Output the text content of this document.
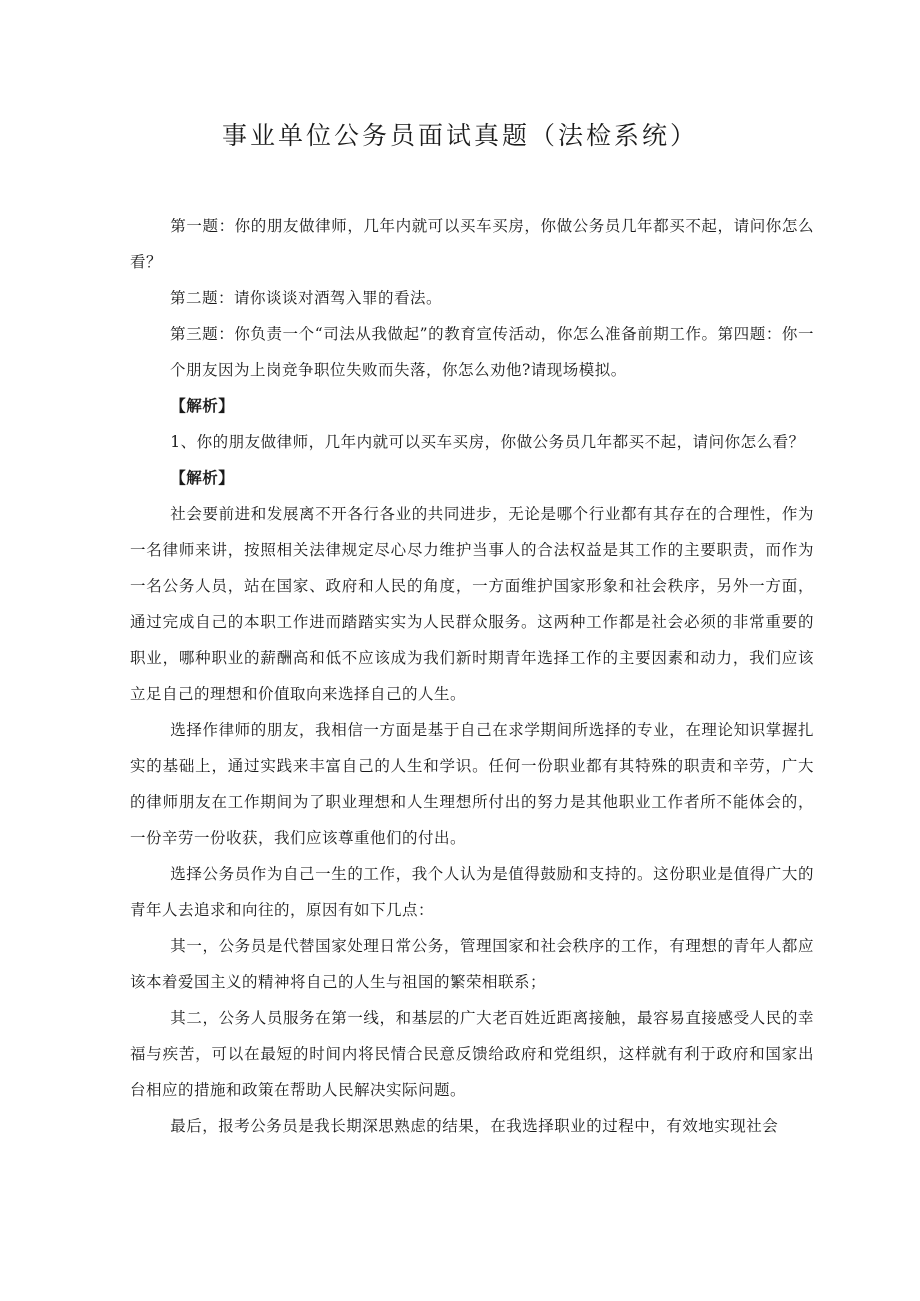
事业单位公务员面试真题（法检系统）

第一题：你的朋友做律师，几年内就可以买车买房，你做公务员几年都买不起，请问你怎么看？

第二题：请你谈谈对酒驾入罪的看法。

第三题：你负责一个“司法从我做起”的教育宣传活动，你怎么准备前期工作。第四题：你一个朋友因为上岗竞争职位失败而失落，你怎么劝他?请现场模拟。

【解析】

1、你的朋友做律师，几年内就可以买车买房，你做公务员几年都买不起，请问你怎么看？

【解析】

社会要前进和发展离不开各行各业的共同进步，无论是哪个行业都有其存在的合理性，作为一名律师来讲，按照相关法律规定尽心尽力维护当事人的合法权益是其工作的主要职责，而作为一名公务人员，站在国家、政府和人民的角度，一方面维护国家形象和社会秩序，另外一方面，通过完成自己的本职工作进而踏踏实实为人民群众服务。这两种工作都是社会必须的非常重要的职业，哪种职业的薪酬高和低不应该成为我们新时期青年选择工作的主要因素和动力，我们应该立足自己的理想和价值取向来选择自己的人生。

选择作律师的朋友，我相信一方面是基于自己在求学期间所选择的专业，在理论知识掌握扎实的基础上，通过实践来丰富自己的人生和学识。任何一份职业都有其特殊的职责和辛劳，广大的律师朋友在工作期间为了职业理想和人生理想所付出的努力是其他职业工作者所不能体会的，一份辛劳一份收获，我们应该尊重他们的付出。

选择公务员作为自己一生的工作，我个人认为是值得鼓励和支持的。这份职业是值得广大的青年人去追求和向往的，原因有如下几点：

其一，公务员是代替国家处理日常公务，管理国家和社会秩序的工作，有理想的青年人都应该本着爱国主义的精神将自己的人生与祖国的繁荣相联系；

其二，公务人员服务在第一线，和基层的广大老百姓近距离接触，最容易直接感受人民的幸福与疾苦，可以在最短的时间内将民情合民意反馈给政府和党组织，这样就有利于政府和国家出台相应的措施和政策在帮助人民解决实际问题。

最后，报考公务员是我长期深思熟虑的结果，在我选择职业的过程中，有效地实现社会
